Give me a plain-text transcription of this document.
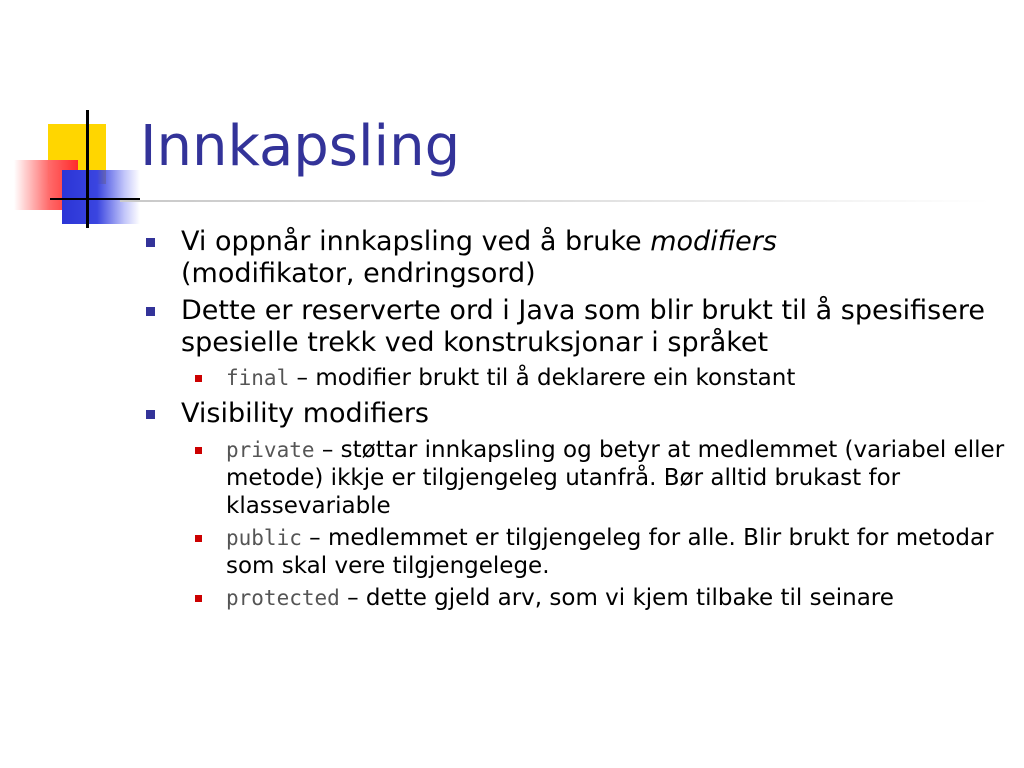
Innkapsling
Vi oppnår innkapsling ved å bruke modifiers
(modifikator, endringsord)
Dette er reserverte ord i Java som blir brukt til å spesifisere spesielle trekk ved konstruksjonar i språket
final – modifier brukt til å deklarere ein konstant
Visibility modifiers
private – støttar innkapsling og betyr at medlemmet (variabel eller metode) ikkje er tilgjengeleg utanfrå. Bør alltid brukast for klassevariable
public – medlemmet er tilgjengeleg for alle. Blir brukt for metodar som skal vere tilgjengelege.
protected – dette gjeld arv, som vi kjem tilbake til seinare
